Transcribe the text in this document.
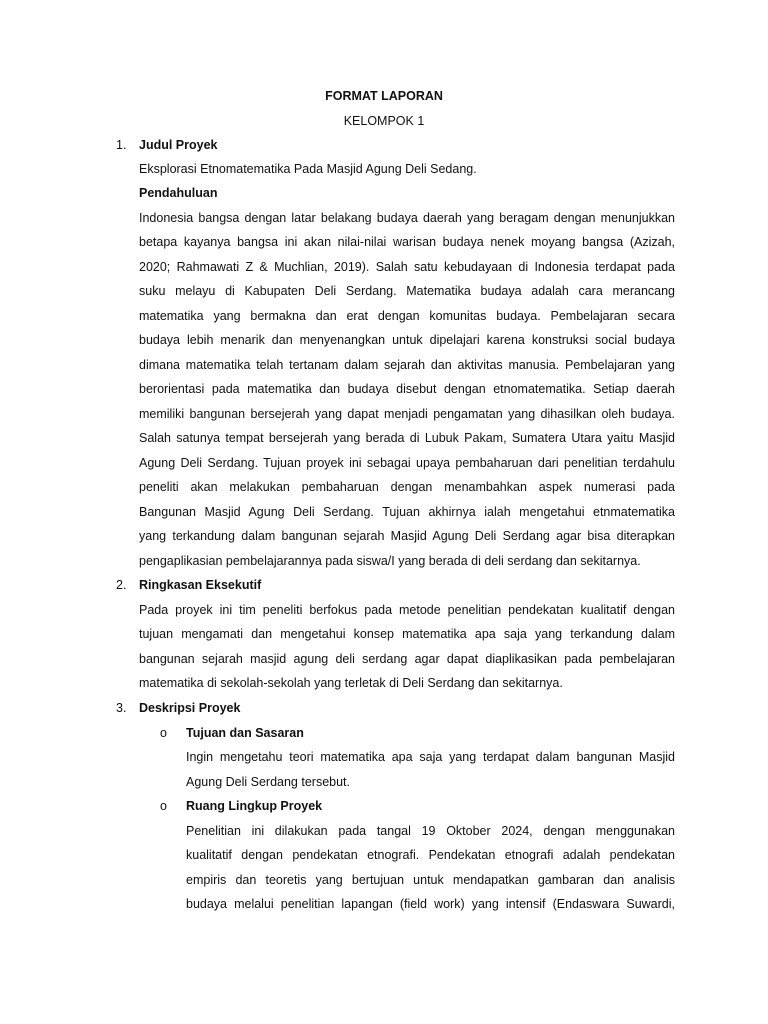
FORMAT LAPORAN
KELOMPOK 1
1. Judul Proyek
Eksplorasi Etnomatematika Pada Masjid Agung Deli Sedang.
Pendahuluan
Indonesia bangsa dengan latar belakang budaya daerah yang beragam dengan menunjukkan
betapa kayanya bangsa ini akan nilai-nilai warisan budaya nenek moyang bangsa (Azizah,
2020; Rahmawati Z & Muchlian, 2019). Salah satu kebudayaan di Indonesia terdapat pada
suku melayu di Kabupaten Deli Serdang. Matematika budaya adalah cara merancang
matematika yang bermakna dan erat dengan komunitas budaya. Pembelajaran secara
budaya lebih menarik dan menyenangkan untuk dipelajari karena konstruksi social budaya
dimana matematika telah tertanam dalam sejarah dan aktivitas manusia. Pembelajaran yang
berorientasi pada matematika dan budaya disebut dengan etnomatematika. Setiap daerah
memiliki bangunan bersejerah yang dapat menjadi pengamatan yang dihasilkan oleh budaya.
Salah satunya tempat bersejerah yang berada di Lubuk Pakam, Sumatera Utara yaitu Masjid
Agung Deli Serdang. Tujuan proyek ini sebagai upaya pembaharuan dari penelitian terdahulu
peneliti akan melakukan pembaharuan dengan menambahkan aspek numerasi pada
Bangunan Masjid Agung Deli Serdang. Tujuan akhirnya ialah mengetahui etnmatematika
yang terkandung dalam bangunan sejarah Masjid Agung Deli Serdang agar bisa diterapkan
pengaplikasian pembelajarannya pada siswa/I yang berada di deli serdang dan sekitarnya.
2. Ringkasan Eksekutif
Pada proyek ini tim peneliti berfokus pada metode penelitian pendekatan kualitatif dengan
tujuan mengamati dan mengetahui konsep matematika apa saja yang terkandung dalam
bangunan sejarah masjid agung deli serdang agar dapat diaplikasikan pada pembelajaran
matematika di sekolah-sekolah yang terletak di Deli Serdang dan sekitarnya.
3. Deskripsi Proyek
o Tujuan dan Sasaran
Ingin mengetahu teori matematika apa saja yang terdapat dalam bangunan Masjid
Agung Deli Serdang tersebut.
o Ruang Lingkup Proyek
Penelitian ini dilakukan pada tangal 19 Oktober 2024, dengan menggunakan
kualitatif dengan pendekatan etnografi. Pendekatan etnografi adalah pendekatan
empiris dan teoretis yang bertujuan untuk mendapatkan gambaran dan analisis
budaya melalui penelitian lapangan (field work) yang intensif (Endaswara Suwardi,
